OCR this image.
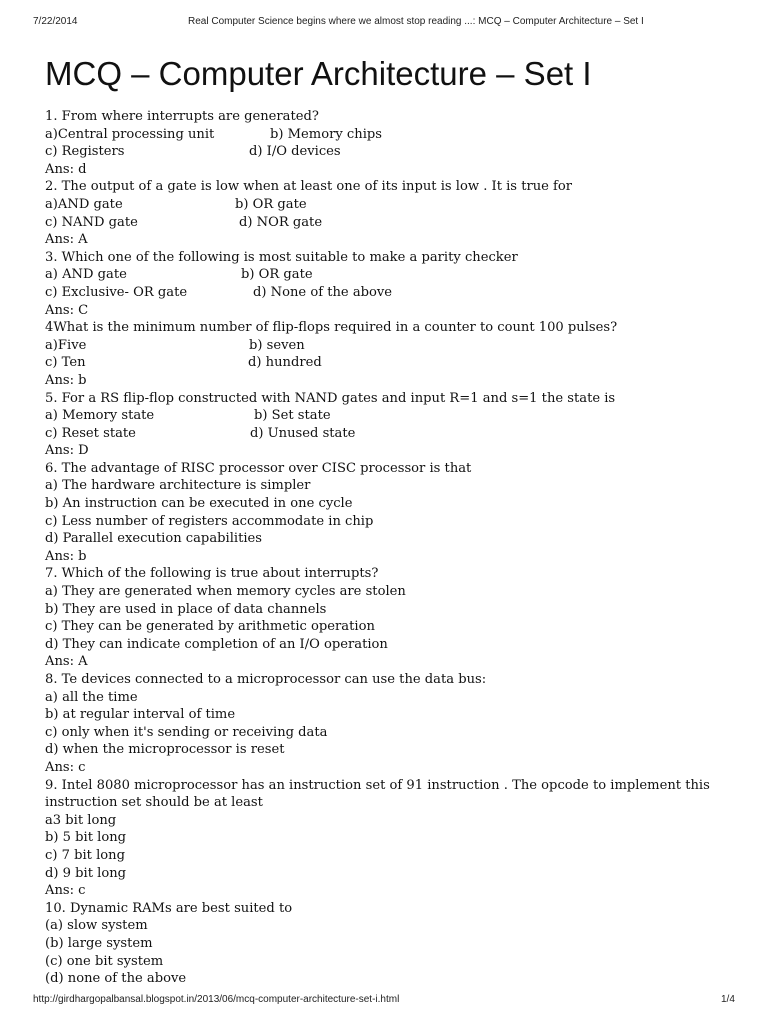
7/22/2014	Real Computer Science begins where we almost stop reading ...: MCQ – Computer Architecture – Set I
MCQ – Computer Architecture – Set I
1. From where interrupts are generated?
a)Central processing unit	b) Memory chips
c) Registers	d) I/O devices
Ans: d
2. The output of a gate is low when at least one of its input is low . It is true for
a)AND gate	b) OR gate
c) NAND gate	d) NOR gate
Ans: A
3. Which one of the following is most suitable to make a parity checker
a) AND gate	b) OR gate
c) Exclusive- OR gate	d) None of the above
Ans: C
4What is the minimum number of flip-flops required in a counter to count 100 pulses?
a)Five	b) seven
c) Ten	d) hundred
Ans: b
5. For a RS flip-flop constructed with NAND gates and input R=1 and s=1 the state is
a) Memory state	b) Set state
c) Reset state	d) Unused state
Ans: D
6. The advantage of RISC processor over CISC processor is that
a) The hardware architecture is simpler
b) An instruction can be executed in one cycle
c) Less number of registers accommodate in chip
d) Parallel execution capabilities
Ans: b
7. Which of the following is true about interrupts?
a) They are generated when memory cycles are stolen
b) They are used in place of data channels
c) They can be generated by arithmetic operation
d) They can indicate completion of an I/O operation
Ans: A
8. Te devices connected to a microprocessor can use the data bus:
a) all the time
b) at regular interval of time
c) only when it's sending or receiving data
d) when the microprocessor is reset
Ans: c
9. Intel 8080 microprocessor has an instruction set of 91 instruction . The opcode to implement this
instruction set should be at least
a3 bit long
b) 5 bit long
c) 7 bit long
d) 9 bit long
Ans: c
10. Dynamic RAMs are best suited to
(a) slow system
(b) large system
(c) one bit system
(d) none of the above
http://girdhargopalbansal.blogspot.in/2013/06/mcq-computer-architecture-set-i.html	1/4
